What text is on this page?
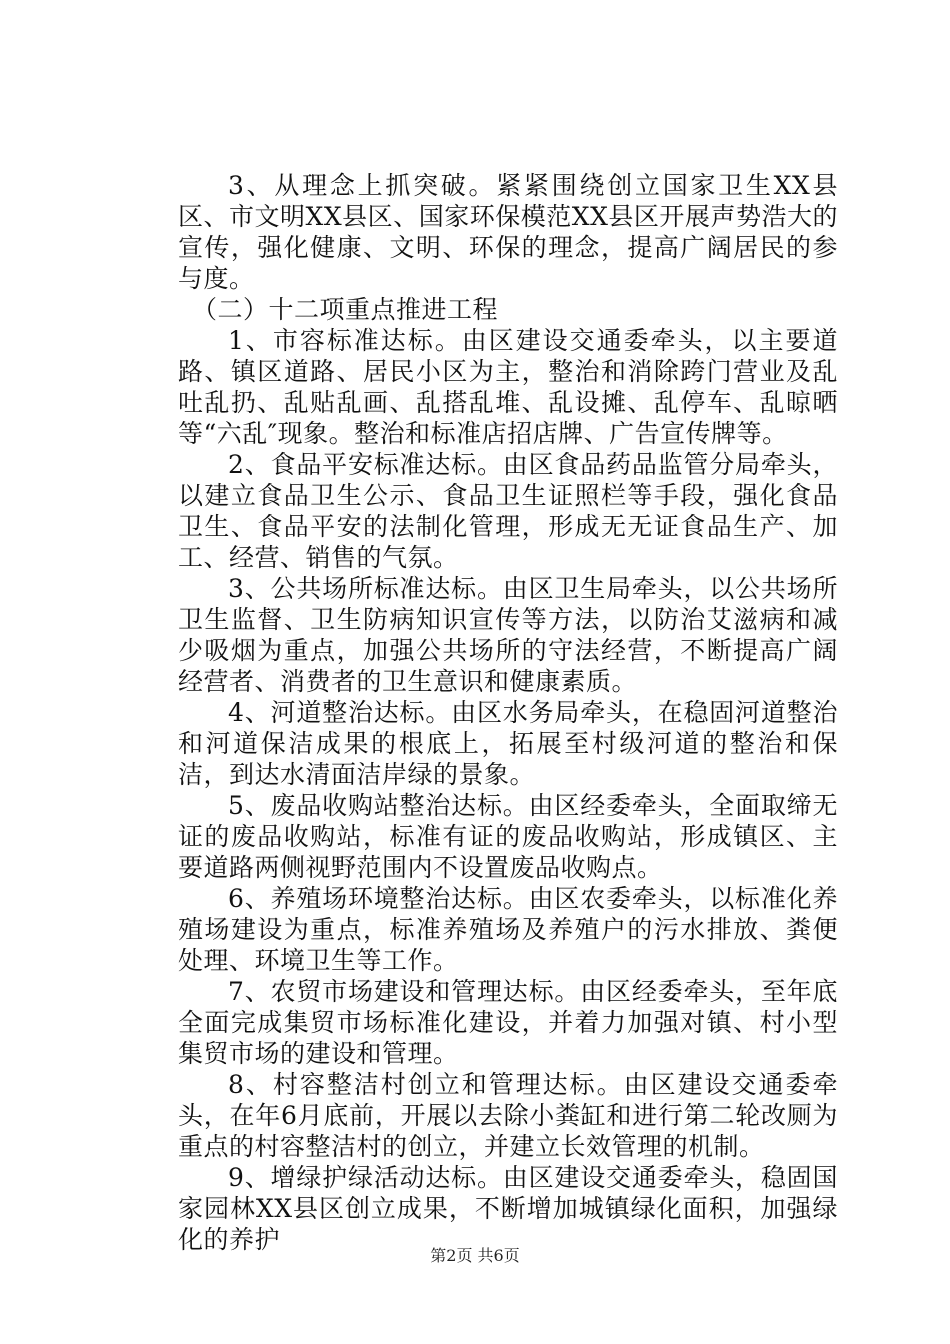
3、从理念上抓突破。紧紧围绕创立国家卫生XX县区、市文明XX县区、国家环保模范XX县区开展声势浩大的宣传，强化健康、文明、环保的理念，提高广阔居民的参与度。

（二）十二项重点推进工程

1、市容标准达标。由区建设交通委牵头，以主要道路、镇区道路、居民小区为主，整治和消除跨门营业及乱吐乱扔、乱贴乱画、乱搭乱堆、乱设摊、乱停车、乱晾晒等“六乱″现象。整治和标准店招店牌、广告宣传牌等。

2、食品平安标准达标。由区食品药品监管分局牵头，以建立食品卫生公示、食品卫生证照栏等手段，强化食品卫生、食品平安的法制化管理，形成无无证食品生产、加工、经营、销售的气氛。

3、公共场所标准达标。由区卫生局牵头，以公共场所卫生监督、卫生防病知识宣传等方法，以防治艾滋病和减少吸烟为重点，加强公共场所的守法经营，不断提高广阔经营者、消费者的卫生意识和健康素质。

4、河道整治达标。由区水务局牵头，在稳固河道整治和河道保洁成果的根底上，拓展至村级河道的整治和保洁，到达水清面洁岸绿的景象。

5、废品收购站整治达标。由区经委牵头，全面取缔无证的废品收购站，标准有证的废品收购站，形成镇区、主要道路两侧视野范围内不设置废品收购点。

6、养殖场环境整治达标。由区农委牵头，以标准化养殖场建设为重点，标准养殖场及养殖户的污水排放、粪便处理、环境卫生等工作。

7、农贸市场建设和管理达标。由区经委牵头，至年底全面完成集贸市场标准化建设，并着力加强对镇、村小型集贸市场的建设和管理。

8、村容整洁村创立和管理达标。由区建设交通委牵头，在年6月底前，开展以去除小粪缸和进行第二轮改厕为重点的村容整洁村的创立，并建立长效管理的机制。

9、增绿护绿活动达标。由区建设交通委牵头，稳固国家园林XX县区创立成果，不断增加城镇绿化面积，加强绿化的养护

第2页 共6页
